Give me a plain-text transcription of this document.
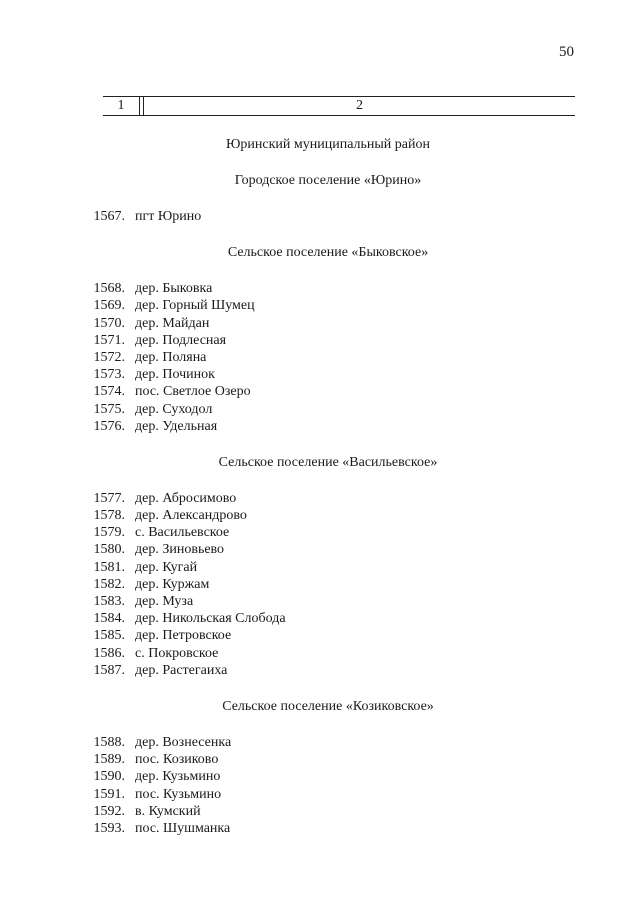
50
1	2

Юринский муниципальный район

Городское поселение «Юрино»

1567. пгт Юрино

Сельское поселение «Быковское»

1568. дер. Быковка
1569. дер. Горный Шумец
1570. дер. Майдан
1571. дер. Подлесная
1572. дер. Поляна
1573. дер. Починок
1574. пос. Светлое Озеро
1575. дер. Суходол
1576. дер. Удельная

Сельское поселение «Васильевское»

1577. дер. Абросимово
1578. дер. Александрово
1579. с. Васильевское
1580. дер. Зиновьево
1581. дер. Кугай
1582. дер. Куржам
1583. дер. Муза
1584. дер. Никольская Слобода
1585. дер. Петровское
1586. с. Покровское
1587. дер. Растегаиха

Сельское поселение «Козиковское»

1588. дер. Вознесенка
1589. пос. Козиково
1590. дер. Кузьмино
1591. пос. Кузьмино
1592. в. Кумский
1593. пос. Шушманка
